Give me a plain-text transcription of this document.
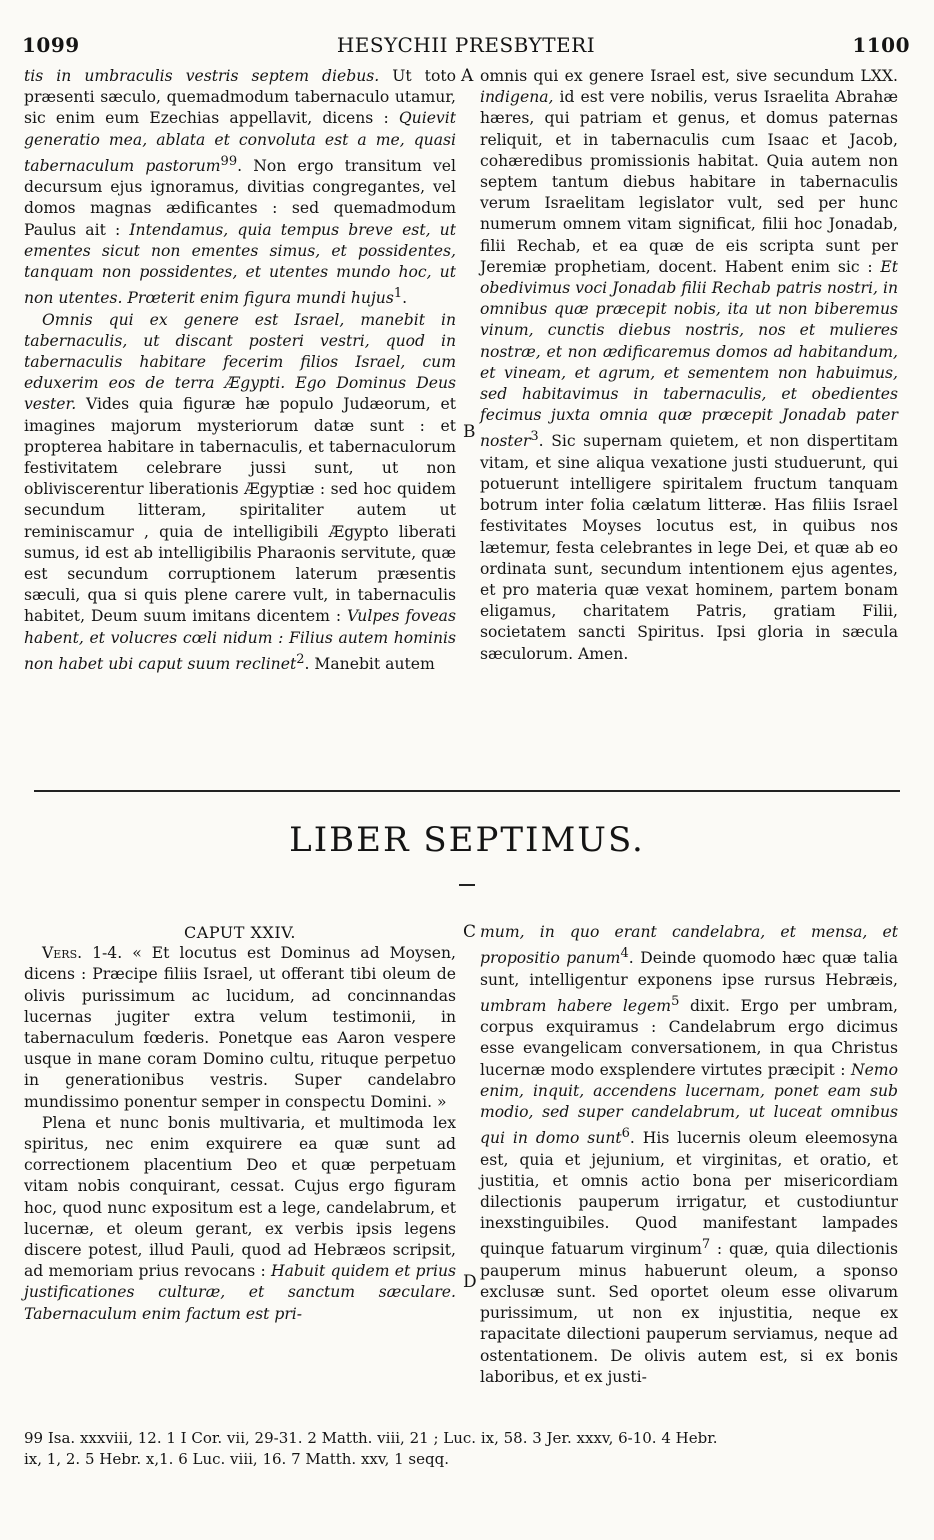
1099	HESYCHII PRESBYTERI	1100

tis in umbraculis vestris septem diebus. Ut toto præsenti sæculo, quemadmodum tabernaculo utamur, sic enim eum Ezechias appellavit, dicens : Quievit generatio mea, ablata et convoluta est a me, quasi tabernaculum pastorum$^{99}$. Non ergo transitum vel decursum ejus ignoramus, divitias congregantes, vel domos magnas ædificantes : sed quemadmodum Paulus ait : Intendamus, quia tempus breve est, ut ementes sicut non ementes simus, et possidentes, tanquam non possidentes, et utentes mundo hoc, ut non utentes. Prœterit enim figura mundi hujus$^1$.

Omnis qui ex genere est Israel, manebit in tabernaculis, ut discant posteri vestri, quod in tabernaculis habitare fecerim filios Israel, cum eduxerim eos de terra Ægypti. Ego Dominus Deus vester. Vides quia figuræ hæ populo Judæorum, et imagines majorum mysteriorum datæ sunt : et propterea habitare in tabernaculis, et tabernaculorum festivitatem celebrare jussi sunt, ut non obliviscerentur liberationis Ægyptiæ : sed hoc quidem secundum litteram, spiritaliter autem ut reminiscamur , quia de intelligibili Ægypto liberati sumus, id est ab intelligibilis Pharaonis servitute, quæ est secundum corruptionem laterum præsentis sæculi, qua si quis plene carere vult, in tabernaculis habitet, Deum suum imitans dicentem : Vulpes foveas habent, et volucres cœli nidum : Filius autem hominis non habet ubi caput suum reclinet$^2$. Manebit autem

A
B

omnis qui ex genere Israel est, sive secundum LXX. indigena, id est vere nobilis, verus Israelita Abrahæ hæres, qui patriam et genus, et domus paternas reliquit, et in tabernaculis cum Isaac et Jacob, cohæredibus promissionis habitat. Quia autem non septem tantum diebus habitare in tabernaculis verum Israelitam legislator vult, sed per hunc numerum omnem vitam significat, filii hoc Jonadab, filii Rechab, et ea quæ de eis scripta sunt per Jeremiæ prophetiam, docent. Habent enim sic : Et obedivimus voci Jonadab filii Rechab patris nostri, in omnibus quæ præcepit nobis, ita ut non biberemus vinum, cunctis diebus nostris, nos et mulieres nostræ, et non ædificaremus domos ad habitandum, et vineam, et agrum, et sementem non habuimus, sed habitavimus in tabernaculis, et obedientes fecimus juxta omnia quæ præcepit Jonadab pater noster$^3$. Sic supernam quietem, et non dispertitam vitam, et sine aliqua vexatione justi studuerunt, qui potuerunt intelligere spiritalem fructum tanquam botrum inter folia cælatum litteræ. Has filiis Israel festivitates Moyses locutus est, in quibus nos lætemur, festa celebrantes in lege Dei, et quæ ab eo ordinata sunt, secundum intentionem ejus agentes, et pro materia quæ vexat hominem, partem bonam eligamus, charitatem Patris, gratiam Filii, societatem sancti Spiritus. Ipsi gloria in sæcula sæculorum. Amen.

LIBER SEPTIMUS.
CAPUT XXIV.

Vers. 1-4. « Et locutus est Dominus ad Moysen, dicens : Præcipe filiis Israel, ut offerant tibi oleum de olivis purissimum ac lucidum, ad concinnandas lucernas jugiter extra velum testimonii, in tabernaculum fœderis. Ponetque eas Aaron vespere usque in mane coram Domino cultu, rituque perpetuo in generationibus vestris. Super candelabro mundissimo ponentur semper in conspectu Domini. »

Plena et nunc bonis multivaria, et multimoda lex spiritus, nec enim exquirere ea quæ sunt ad correctionem placentium Deo et quæ perpetuam vitam nobis conquirant, cessat. Cujus ergo figuram hoc, quod nunc expositum est a lege, candelabrum, et lucernæ, et oleum gerant, ex verbis ipsis legens discere potest, illud Pauli, quod ad Hebræos scripsit, ad memoriam prius revocans : Habuit quidem et prius justificationes culturæ, et sanctum sæculare. Tabernaculum enim factum est pri-

C
D

mum, in quo erant candelabra, et mensa, et propositio panum$^4$. Deinde quomodo hæc quæ talia sunt, intelligentur exponens ipse rursus Hebræis, umbram habere legem$^5$ dixit. Ergo per umbram, corpus exquiramus : Candelabrum ergo dicimus esse evangelicam conversationem, in qua Christus lucernæ modo exsplendere virtutes præcipit : Nemo enim, inquit, accendens lucernam, ponet eam sub modio, sed super candelabrum, ut luceat omnibus qui in domo sunt$^6$. His lucernis oleum eleemosyna est, quia et jejunium, et virginitas, et oratio, et justitia, et omnis actio bona per misericordiam dilectionis pauperum irrigatur, et custodiuntur inexstinguibiles. Quod manifestant lampades quinque fatuarum virginum$^7$ : quæ, quia dilectionis pauperum minus habuerunt oleum, a sponso exclusæ sunt. Sed oportet oleum esse olivarum purissimum, ut non ex injustitia, neque ex rapacitate dilectioni pauperum serviamus, neque ad ostentationem. De olivis autem est, si ex bonis laboribus, et ex justi-

99 Isa. xxxviii, 12. 1 I Cor. vii, 29-31. 2 Matth. viii, 21 ; Luc. ix, 58. 3 Jer. xxxv, 6-10. 4 Hebr.
ix, 1, 2. 5 Hebr. x,1. 6 Luc. viii, 16. 7 Matth. xxv, 1 seqq.
